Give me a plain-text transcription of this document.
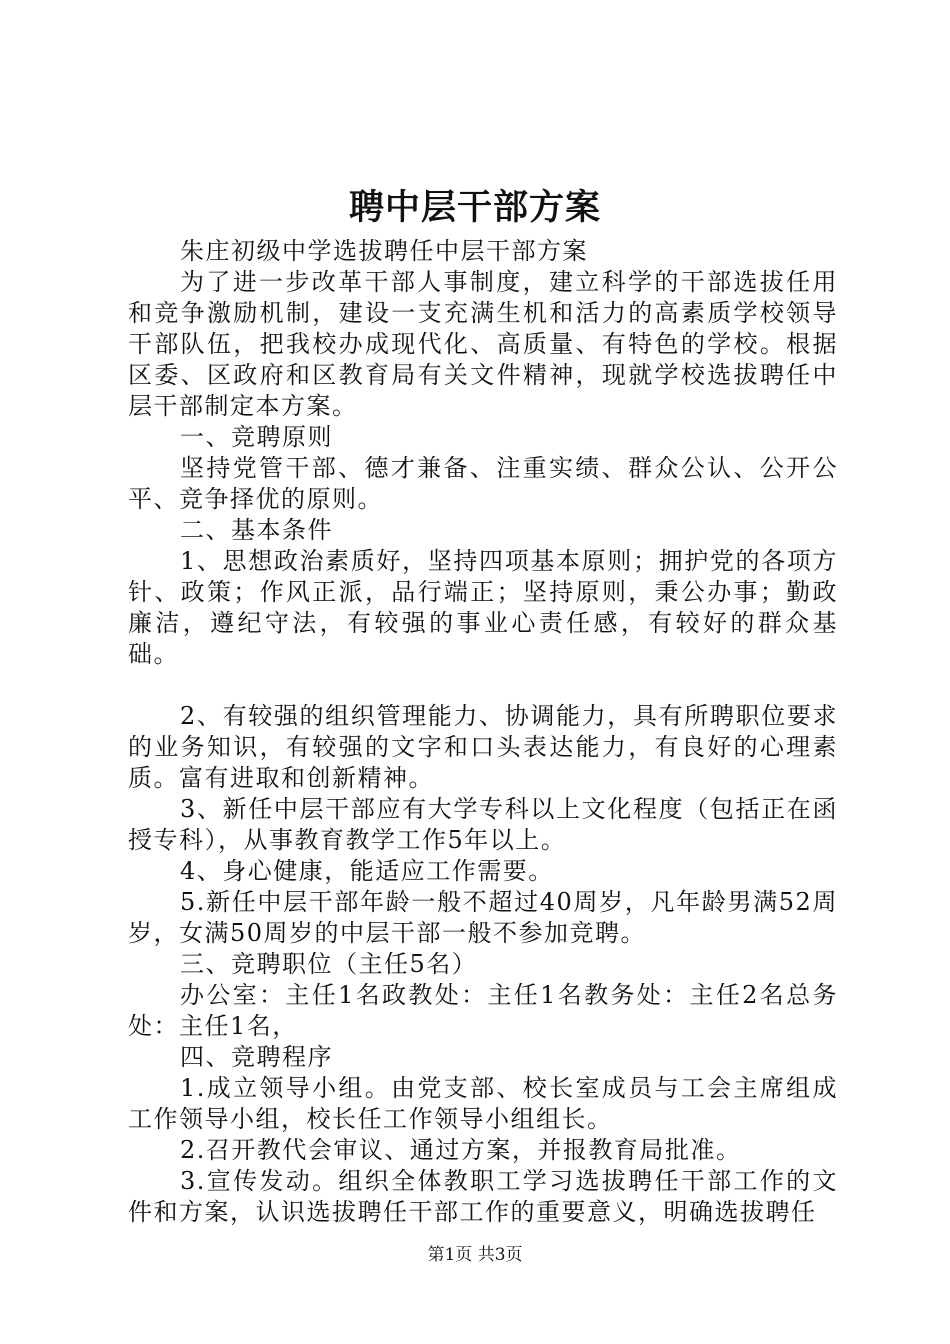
聘中层干部方案

朱庄初级中学选拔聘任中层干部方案

为了进一步改革干部人事制度，建立科学的干部选拔任用和竞争激励机制，建设一支充满生机和活力的高素质学校领导干部队伍，把我校办成现代化、高质量、有特色的学校。根据区委、区政府和区教育局有关文件精神，现就学校选拔聘任中层干部制定本方案。

一、竞聘原则

坚持党管干部、德才兼备、注重实绩、群众公认、公开公平、竞争择优的原则。

二、基本条件

1、思想政治素质好，坚持四项基本原则；拥护党的各项方针、政策；作风正派，品行端正；坚持原则，秉公办事；勤政廉洁，遵纪守法，有较强的事业心责任感，有较好的群众基础。

2、有较强的组织管理能力、协调能力，具有所聘职位要求的业务知识，有较强的文字和口头表达能力，有良好的心理素质。富有进取和创新精神。

3、新任中层干部应有大学专科以上文化程度（包括正在函授专科），从事教育教学工作5年以上。

4、身心健康，能适应工作需要。

5.新任中层干部年龄一般不超过40周岁，凡年龄男满52周岁，女满50周岁的中层干部一般不参加竞聘。

三、竞聘职位（主任5名）

办公室：主任1名政教处：主任1名教务处：主任2名总务处：主任1名，

四、竞聘程序

1.成立领导小组。由党支部、校长室成员与工会主席组成工作领导小组，校长任工作领导小组组长。

2.召开教代会审议、通过方案，并报教育局批准。

3.宣传发动。组织全体教职工学习选拔聘任干部工作的文件和方案，认识选拔聘任干部工作的重要意义，明确选拔聘任

第1页 共3页
